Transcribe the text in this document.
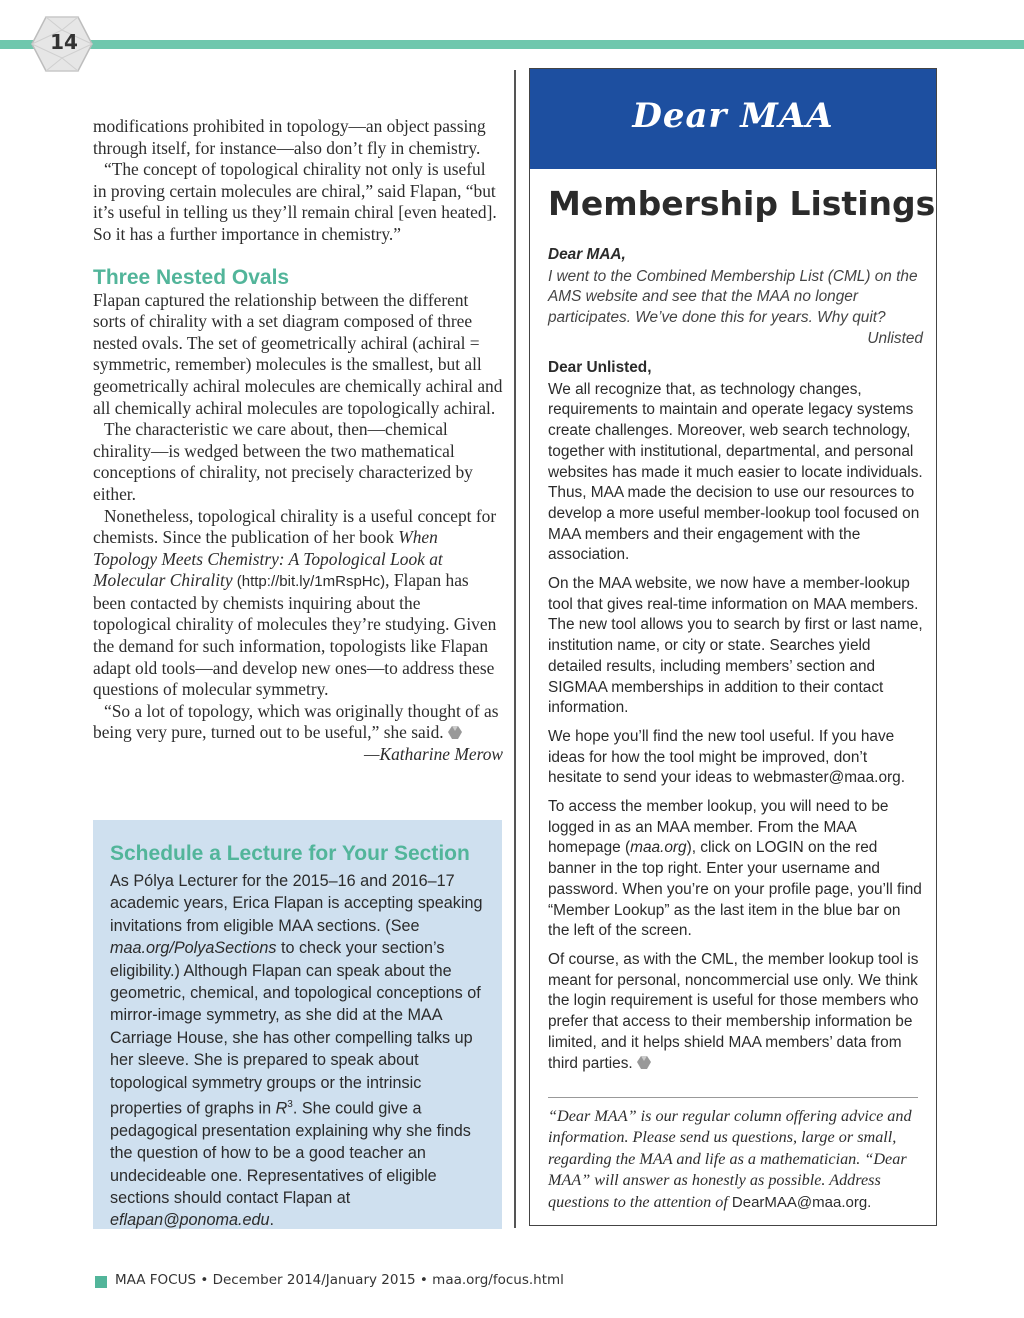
14

modifications prohibited in topology—an object passing through itself, for instance—also don’t fly in chemistry.

“The concept of topological chirality not only is useful in proving certain molecules are chiral,” said Flapan, “but it’s useful in telling us they’ll remain chiral [even heated]. So it has a further importance in chemistry.”

Three Nested Ovals

Flapan captured the relationship between the different sorts of chirality with a set diagram composed of three nested ovals. The set of geometrically achiral (achiral = symmetric, remember) molecules is the smallest, but all geometrically achiral molecules are chemically achiral and all chemically achiral molecules are topologically achiral.

The characteristic we care about, then—chemical chirality—is wedged between the two mathematical conceptions of chirality, not precisely characterized by either.

Nonetheless, topological chirality is a useful concept for chemists. Since the publication of her book When Topology Meets Chemistry: A Topological Look at Molecular Chirality (http://bit.ly/1mRspHc), Flapan has been contacted by chemists inquiring about the topological chirality of molecules they’re studying. Given the demand for such information, topologists like Flapan adapt old tools—and develop new ones—to address these questions of molecular symmetry.

“So a lot of topology, which was originally thought of as being very pure, turned out to be useful,” she said.

—Katharine Merow

Schedule a Lecture for Your Section
As Pólya Lecturer for the 2015–16 and 2016–17 academic years, Erica Flapan is accepting speaking invitations from eligible MAA sections. (See maa.org/PolyaSections to check your section’s eligibility.) Although Flapan can speak about the geometric, chemical, and topological conceptions of mirror-image symmetry, as she did at the MAA Carriage House, she has other compelling talks up her sleeve. She is prepared to speak about topological symmetry groups or the intrinsic properties of graphs in $R^3$. She could give a pedagogical presentation explaining why she finds the question of how to be a good teacher an undecideable one. Representatives of eligible sections should contact Flapan at eflapan@ponoma.edu.
Dear MAA
Membership Listings
Dear MAA,
I went to the Combined Membership List (CML) on the AMS website and see that the MAA no longer participates. We’ve done this for years. Why quit?
Unlisted
Dear Unlisted,

We all recognize that, as technology changes, requirements to maintain and operate legacy systems create challenges. Moreover, web search technology, together with institutional, departmental, and personal websites has made it much easier to locate individuals. Thus, MAA made the decision to use our resources to develop a more useful member-lookup tool focused on MAA members and their engagement with the association.

On the MAA website, we now have a member-lookup tool that gives real-time information on MAA members. The new tool allows you to search by first or last name, institution name, or city or state. Searches yield detailed results, including members’ section and SIGMAA memberships in addition to their contact information.

We hope you’ll find the new tool useful. If you have ideas for how the tool might be improved, don’t hesitate to send your ideas to webmaster@maa.org.

To access the member lookup, you will need to be logged in as an MAA member. From the MAA homepage (maa.org), click on LOGIN on the red banner in the top right. Enter your username and password. When you’re on your profile page, you’ll find “Member Lookup” as the last item in the blue bar on the left of the screen.

Of course, as with the CML, the member lookup tool is meant for personal, noncommercial use only. We think the login requirement is useful for those members who prefer that access to their membership information be limited, and it helps shield MAA members’ data from third parties.

“Dear MAA” is our regular column offering advice and information. Please send us questions, large or small, regarding the MAA and life as a mathematician. “Dear MAA” will answer as honestly as possible. Address questions to the attention of DearMAA@maa.org.
MAA FOCUS • December 2014/January 2015 • maa.org/focus.html
